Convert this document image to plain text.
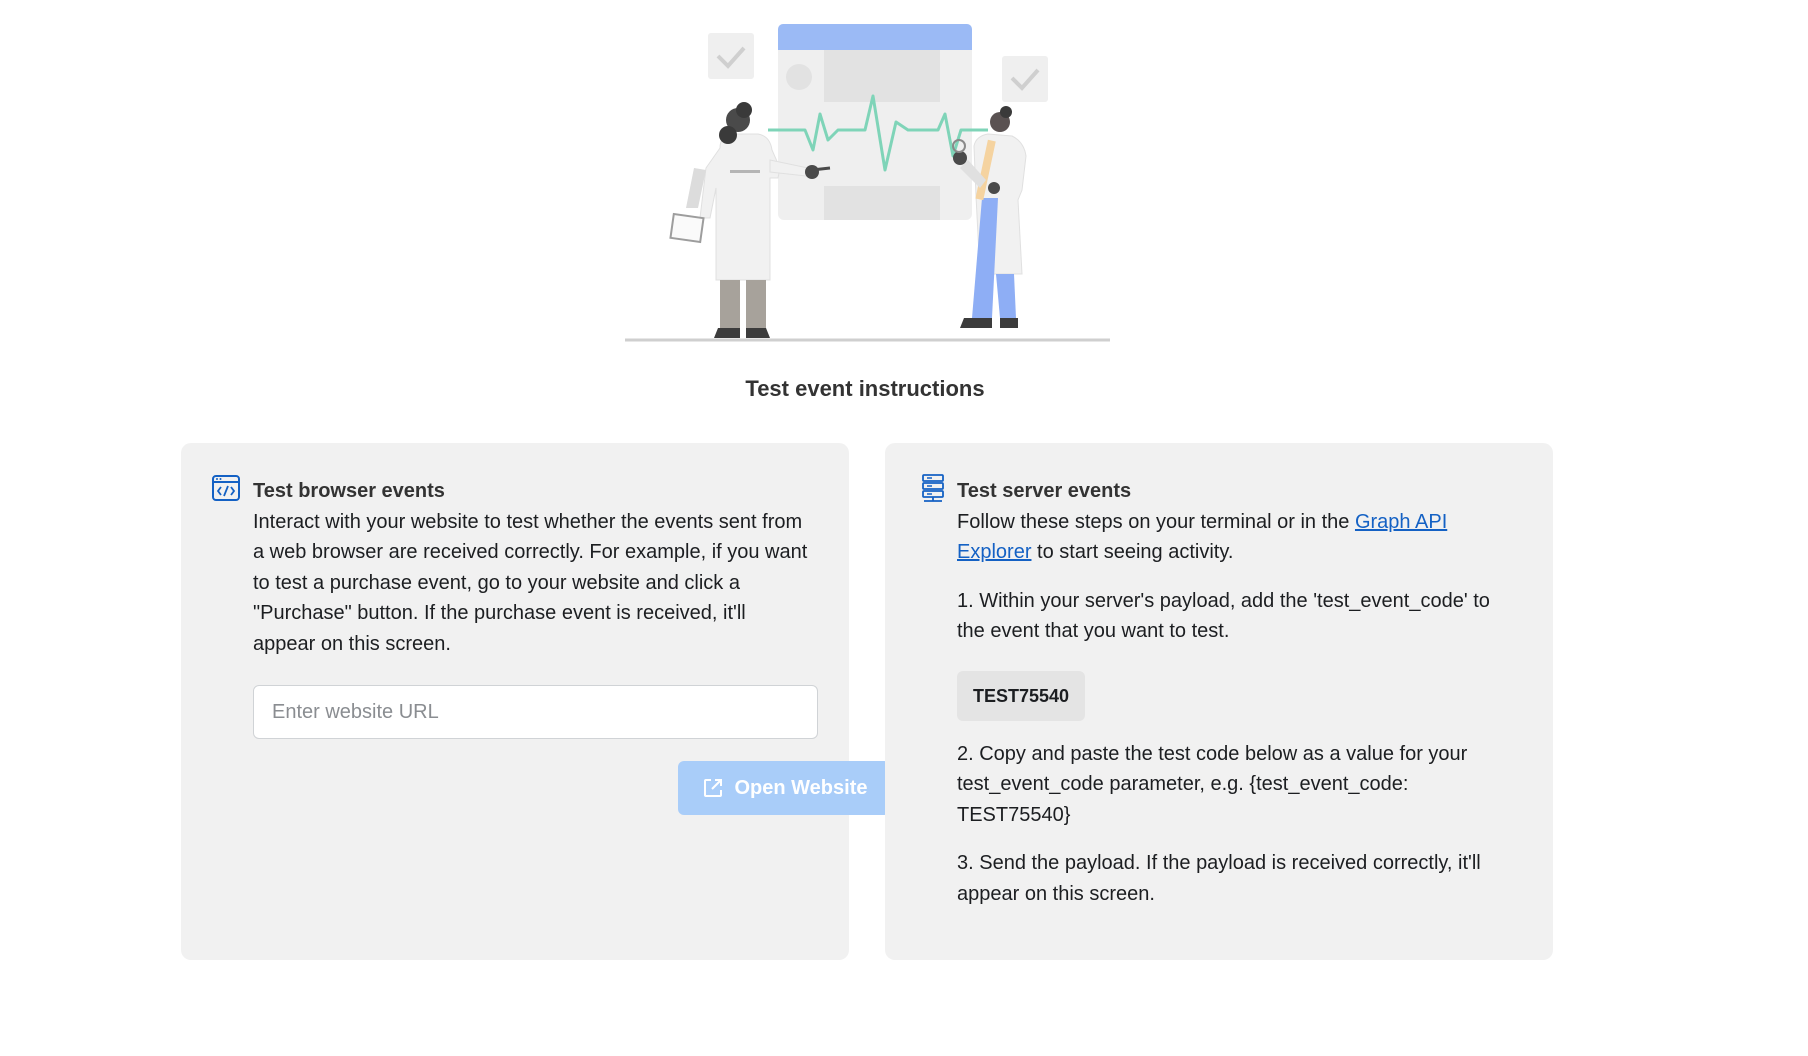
Test event instructions
Test browser events
Interact with your website to test whether the events sent from a web browser are received correctly. For example, if you want to test a purchase event, go to your website and click a "Purchase" button. If the purchase event is received, it'll appear on this screen.
Enter website URL
Open Website
Test server events
Follow these steps on your terminal or in the Graph API Explorer to start seeing activity.
1. Within your server's payload, add the 'test_event_code' to the event that you want to test.
TEST75540
2. Copy and paste the test code below as a value for your test_event_code parameter, e.g. {test_event_code: TEST75540}
3. Send the payload. If the payload is received correctly, it'll appear on this screen.
